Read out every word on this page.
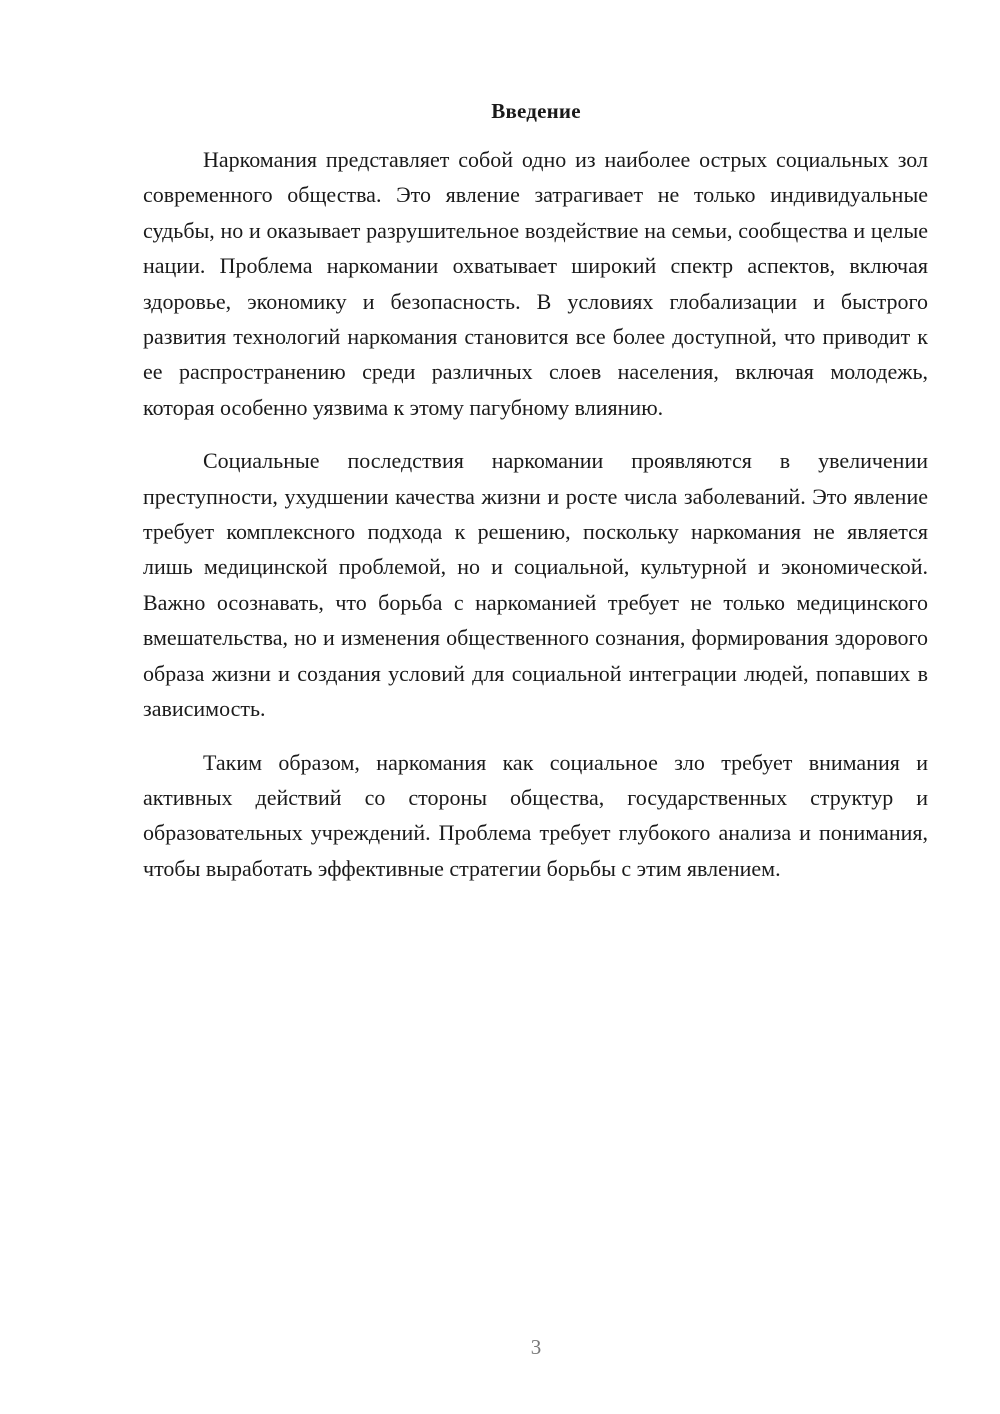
Введение

Наркомания представляет собой одно из наиболее острых социальных зол современного общества. Это явление затрагивает не только индивидуальные судьбы, но и оказывает разрушительное воздействие на семьи, сообщества и целые нации. Проблема наркомании охватывает широкий спектр аспектов, включая здоровье, экономику и безопасность. В условиях глобализации и быстрого развития технологий наркомания становится все более доступной, что приводит к ее распространению среди различных слоев населения, включая молодежь, которая особенно уязвима к этому пагубному влиянию.

Социальные последствия наркомании проявляются в увеличении преступности, ухудшении качества жизни и росте числа заболеваний. Это явление требует комплексного подхода к решению, поскольку наркомания не является лишь медицинской проблемой, но и социальной, культурной и экономической. Важно осознавать, что борьба с наркоманией требует не только медицинского вмешательства, но и изменения общественного сознания, формирования здорового образа жизни и создания условий для социальной интеграции людей, попавших в зависимость.

Таким образом, наркомания как социальное зло требует внимания и активных действий со стороны общества, государственных структур и образовательных учреждений. Проблема требует глубокого анализа и понимания, чтобы выработать эффективные стратегии борьбы с этим явлением.

3
